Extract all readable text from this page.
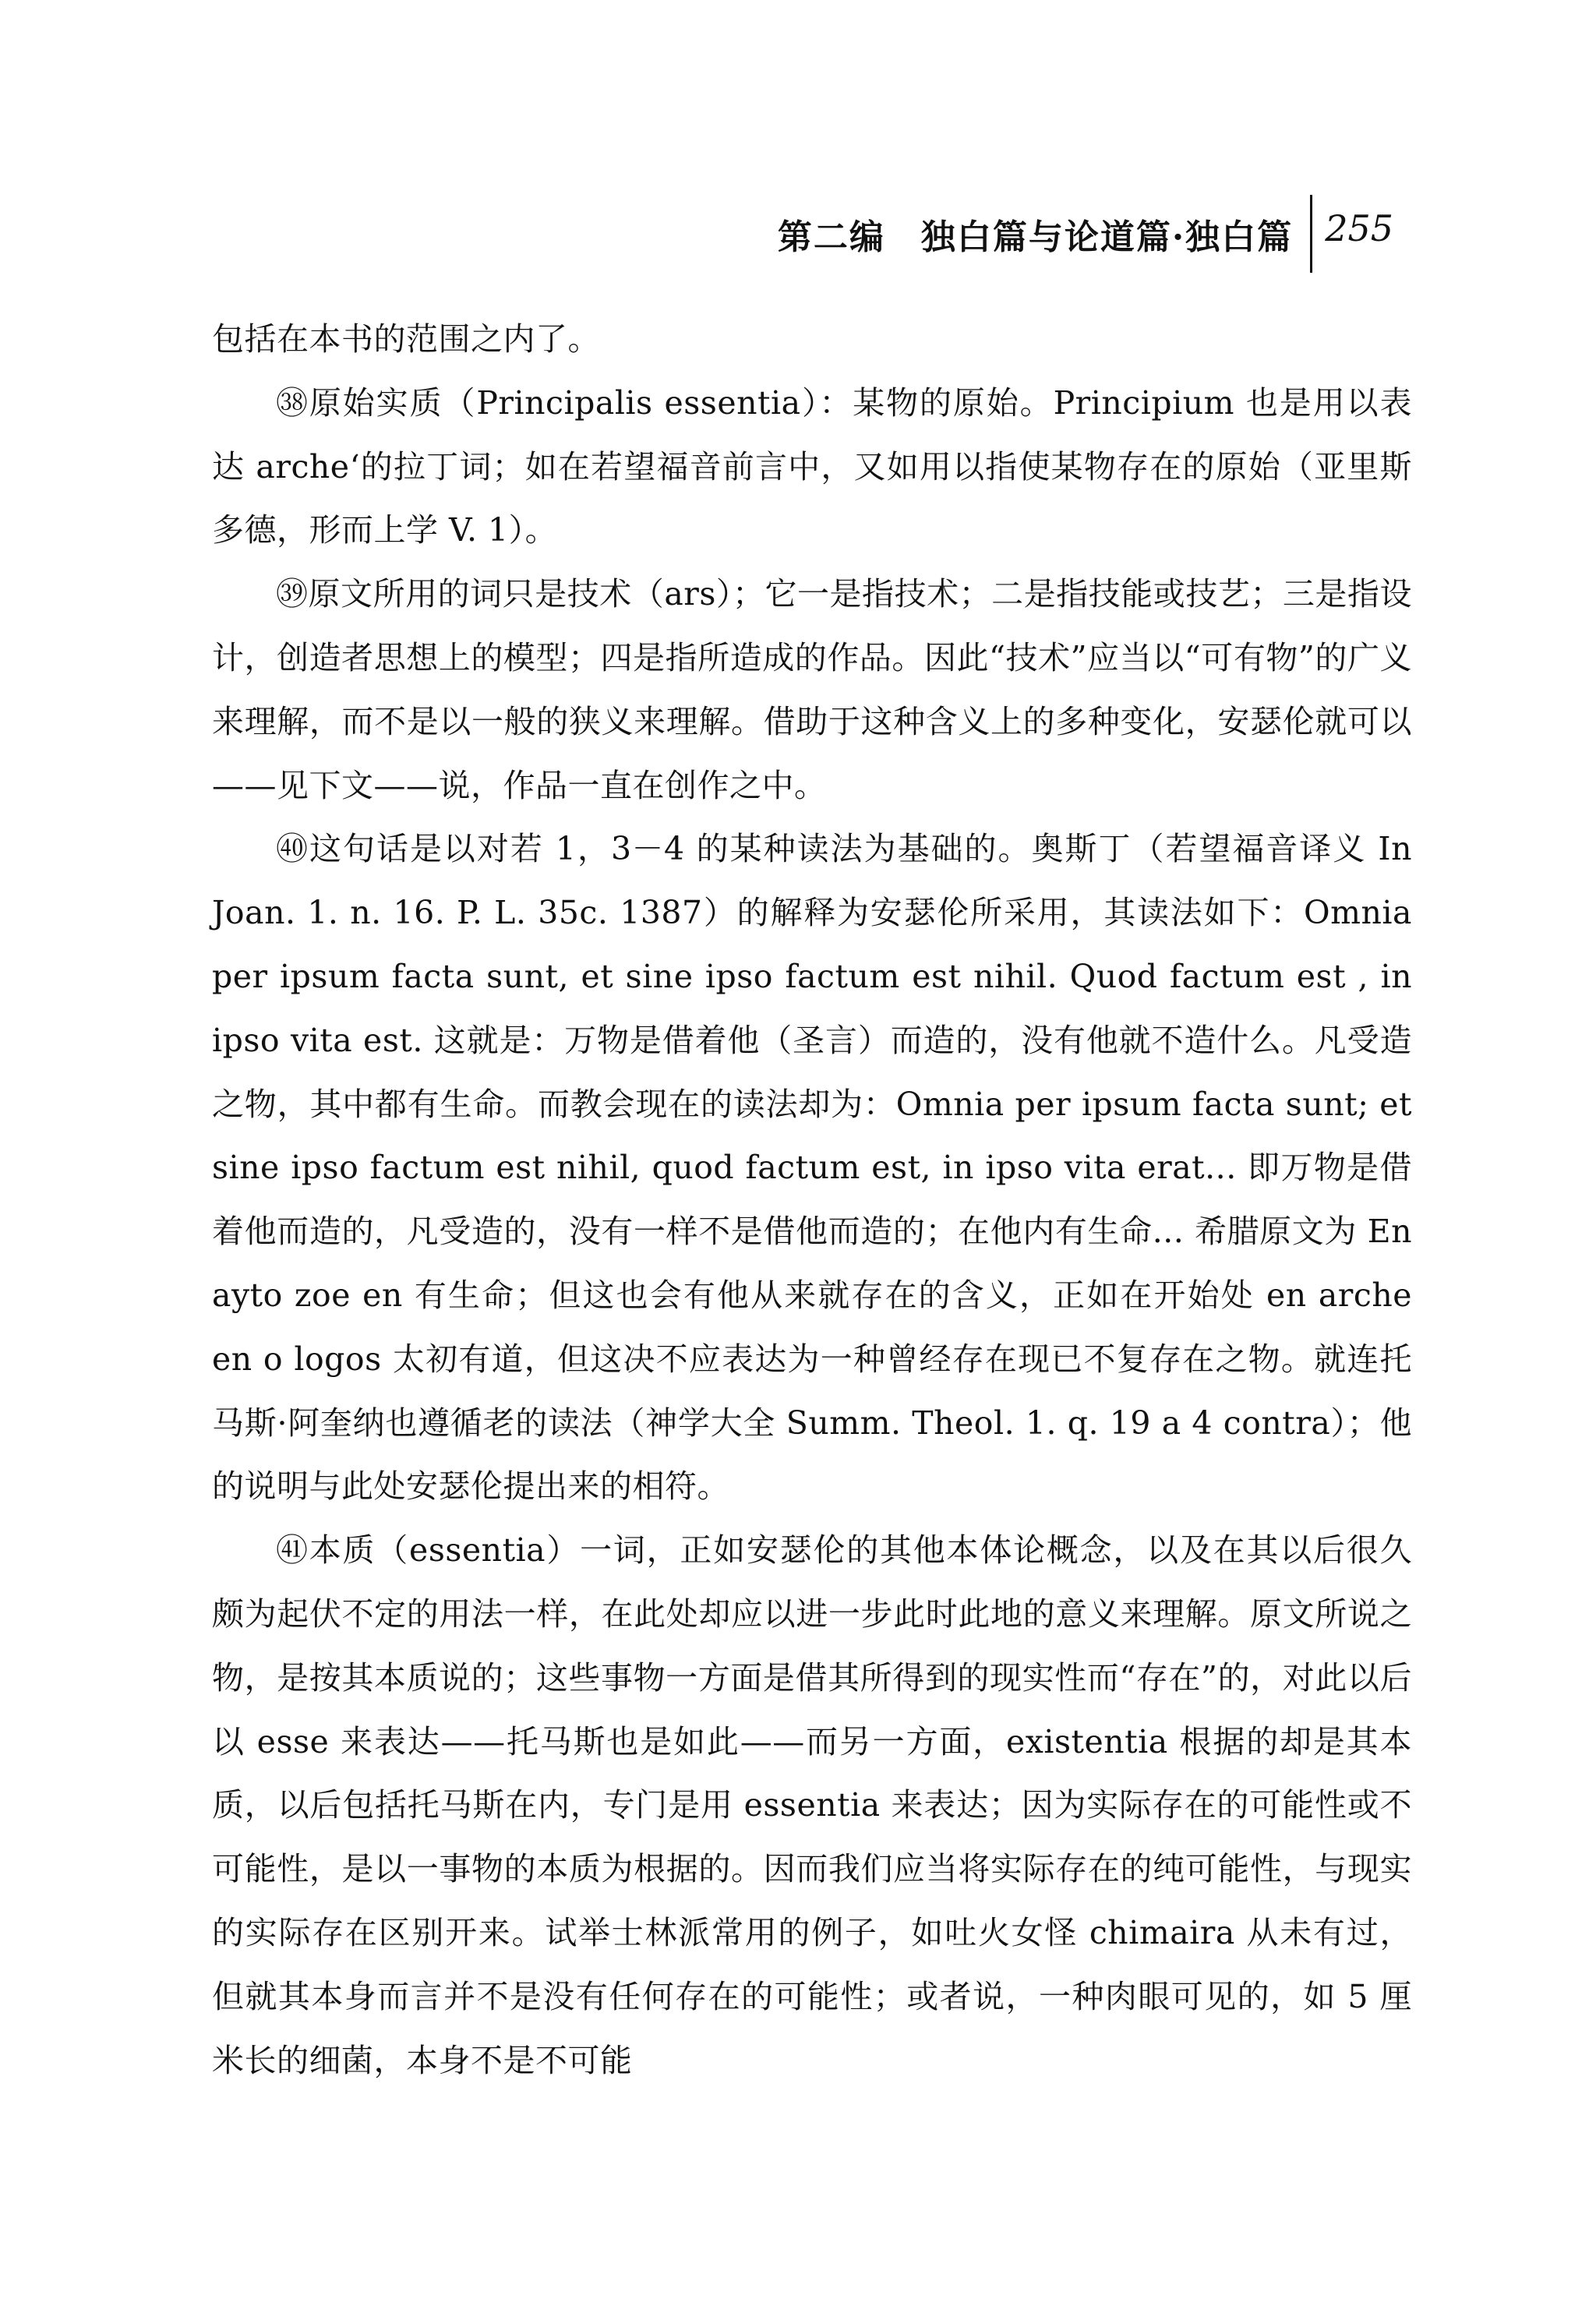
第二编　独白篇与论道篇·独白篇 255

包括在本书的范围之内了。

㊳原始实质（Principalis essentia）：某物的原始。Principium 也是用以表达 arche‘的拉丁词；如在若望福音前言中，又如用以指使某物存在的原始（亚里斯多德，形而上学 V. 1）。

㊴原文所用的词只是技术（ars）；它一是指技术；二是指技能或技艺；三是指设计，创造者思想上的模型；四是指所造成的作品。因此“技术”应当以“可有物”的广义来理解，而不是以一般的狭义来理解。借助于这种含义上的多种变化，安瑟伦就可以——见下文——说，作品一直在创作之中。

㊵这句话是以对若 1，3－4 的某种读法为基础的。奥斯丁（若望福音译义 In Joan. 1. n. 16. P. L. 35c. 1387）的解释为安瑟伦所采用，其读法如下：Omnia per ipsum facta sunt, et sine ipso factum est nihil. Quod factum est , in ipso vita est. 这就是：万物是借着他（圣言）而造的，没有他就不造什么。凡受造之物，其中都有生命。而教会现在的读法却为：Omnia per ipsum facta sunt; et sine ipso factum est nihil, quod factum est, in ipso vita erat... 即万物是借着他而造的，凡受造的，没有一样不是借他而造的；在他内有生命... 希腊原文为 En ayto zoe en 有生命；但这也会有他从来就存在的含义，正如在开始处 en arche en o logos 太初有道，但这决不应表达为一种曾经存在现已不复存在之物。就连托马斯·阿奎纳也遵循老的读法（神学大全 Summ. Theol. 1. q. 19 a 4 contra）；他的说明与此处安瑟伦提出来的相符。

㊶本质（essentia）一词，正如安瑟伦的其他本体论概念，以及在其以后很久颇为起伏不定的用法一样，在此处却应以进一步此时此地的意义来理解。原文所说之物，是按其本质说的；这些事物一方面是借其所得到的现实性而“存在”的，对此以后以 esse 来表达——托马斯也是如此——而另一方面，existentia 根据的却是其本质，以后包括托马斯在内，专门是用 essentia 来表达；因为实际存在的可能性或不可能性，是以一事物的本质为根据的。因而我们应当将实际存在的纯可能性，与现实的实际存在区别开来。试举士林派常用的例子，如吐火女怪 chimaira 从未有过，但就其本身而言并不是没有任何存在的可能性；或者说，一种肉眼可见的，如 5 厘米长的细菌，本身不是不可能
